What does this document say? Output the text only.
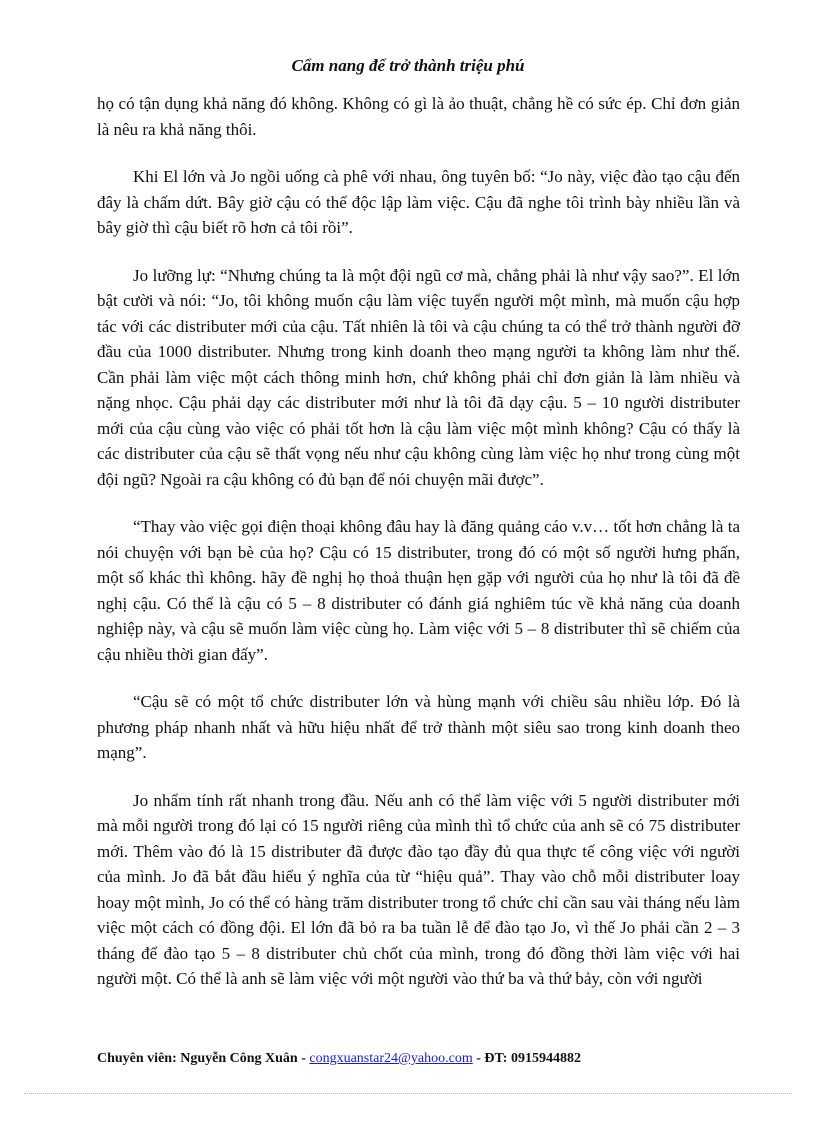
Cẩm nang để trở thành triệu phú

họ có tận dụng khả năng đó không. Không có gì là ảo thuật, chẳng hề có sức ép. Chỉ đơn giản là nêu ra khả năng thôi.

Khi El lớn và Jo ngồi uống cà phê với nhau, ông tuyên bố: “Jo này, việc đào tạo cậu đến đây là chấm dứt. Bây giờ cậu có thể độc lập làm việc. Cậu đã nghe tôi trình bày nhiều lần và bây giờ thì cậu biết rõ hơn cả tôi rồi”.

Jo lưỡng lự: “Nhưng chúng ta là một đội ngũ cơ mà, chẳng phải là như vậy sao?”. El lớn bật cười và nói: “Jo, tôi không muốn cậu làm việc tuyển người một mình, mà muốn cậu hợp tác với các distributer mới của cậu. Tất nhiên là tôi và cậu chúng ta có thể trở thành người đỡ đầu của 1000 distributer. Nhưng trong kinh doanh theo mạng người ta không làm như thế. Cần phải làm việc một cách thông minh hơn, chứ không phải chỉ đơn giản là làm nhiều và nặng nhọc. Cậu phải dạy các distributer mới như là tôi đã dạy cậu. 5 – 10 người distributer mới của cậu cùng vào việc có phải tốt hơn là cậu làm việc một mình không? Cậu có thấy là các distributer của cậu sẽ thất vọng nếu như cậu không cùng làm việc họ như trong cùng một đội ngũ? Ngoài ra cậu không có đủ bạn để nói chuyện mãi được”.

“Thay vào việc gọi điện thoại không đâu hay là đăng quảng cáo v.v… tốt hơn chẳng là ta nói chuyện với bạn bè của họ? Cậu có 15 distributer, trong đó có một số người hưng phấn, một số khác thì không. hãy đề nghị họ thoả thuận hẹn gặp với người của họ như là tôi đã đề nghị cậu. Có thể là cậu có 5 – 8 distributer có đánh giá nghiêm túc về khả năng của doanh nghiệp này, và cậu sẽ muốn làm việc cùng họ. Làm việc với 5 – 8 distributer thì sẽ chiếm của cậu nhiều thời gian đấy”.

“Cậu sẽ có một tổ chức distributer lớn và hùng mạnh với chiều sâu nhiều lớp. Đó là phương pháp nhanh nhất và hữu hiệu nhất để trở thành một siêu sao trong kinh doanh theo mạng”.

Jo nhẩm tính rất nhanh trong đầu. Nếu anh có thể làm việc với 5 người distributer mới mà mỗi người trong đó lại có 15 người riêng của mình thì tổ chức của anh sẽ có 75 distributer mới. Thêm vào đó là 15 distributer đã được đào tạo đầy đủ qua thực tế công việc với người của mình. Jo đã bắt đầu hiểu ý nghĩa của từ “hiệu quả”. Thay vào chỗ mỗi distributer loay hoay một mình, Jo có thể có hàng trăm distributer trong tổ chức chỉ cần sau vài tháng nếu làm việc một cách có đồng đội. El lớn đã bỏ ra ba tuần lễ để đào tạo Jo, vì thế Jo phải cần 2 – 3 tháng để đào tạo 5 – 8 distributer chủ chốt của mình, trong đó đồng thời làm việc với hai người một. Có thể là anh sẽ làm việc với một người vào thứ ba và thứ bảy, còn với người

Chuyên viên: Nguyễn Công Xuân - congxuanstar24@yahoo.com - ĐT: 0915944882
